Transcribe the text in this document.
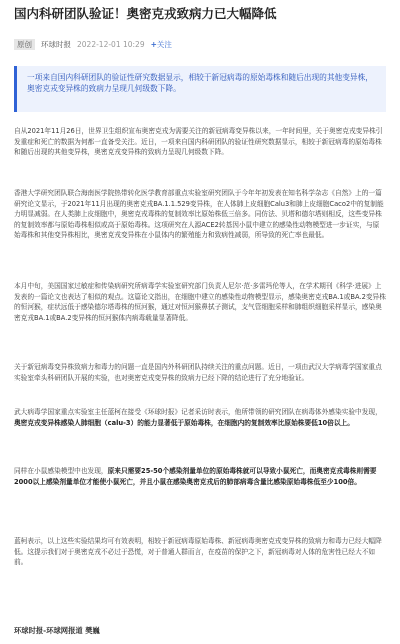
国内科研团队验证！奥密克戎致病力已大幅降低
原创	环球时报 2022-12-01 10:29 +关注
一项来自国内科研团队的验证性研究数据显示，相较于新冠病毒的原始毒株和随后出现的其他变异株，奥密克戎变异株的致病力呈现几何级数下降。

自从2021年11月26日，世界卫生组织宣布奥密克戎为需要关注的新冠病毒变异株以来，一年时间里，关于奥密克戎变异株引发重症和死亡的数据为何都一直备受关注。近日，一项来自国内科研团队的验证性研究数据显示，相较于新冠病毒的原始毒株和随后出现的其他变异株，奥密克戎变异株的致病力呈现几何级数下降。

香港大学研究团队联合海南医学院热带转化医学教育部重点实验室研究团队于今年年初发表在知名科学杂志《自然》上的一篇研究论文显示，于2021年11月出现的奥密克戎BA.1.1.529变异株，在人体肺上皮细胞Calu3和肺上皮细胞Caco2中的复制能力明显减弱。在人类肺上皮细胞中，奥密克戎毒株的复制效率比原始株低三倍多。同仿法、贝塔和德尔塔则相反，这些变异株的复制效率都与原始毒株相似或高于原始毒株。这项研究在人源ACE2转基因小鼠中建立的感染性动物模型进一步证实，与原始毒株和其他变异株相比，奥密克戎变异株在小鼠体内的繁殖能力和致病性减弱，所导致的死亡率也最低。

本月中旬，美国国家过敏症和传染病研究所病毒学实验室研究部门负责人尼尔·范·多雷玛伦等人，在学术期刊《科学·进展》上发表的一篇论文也表达了相似的观点。这篇论文指出，在细胞中建立的感染性动物模型显示，感染奥密克戎BA.1或BA.2变异株的恒河猴，症状远低于感染德尔塔毒株的恒河猴，通过对恒河猴鼻拭子测试，支气管细胞采样和肺组织细胞采样显示，感染奥密克戎BA.1或BA.2变异株的恒河猴体内病毒载量显著降低。

关于新冠病毒变异株致病力和毒力的问题一直是国内外科研团队持续关注的重点问题。近日，一项由武汉大学病毒学国家重点实验室牵头科研团队开展的实验，也对奥密克戎变异株的致病力已经下降的结论进行了充分地验证。

武大病毒学国家重点实验室主任蓝柯在接受《环球时报》记者采访时表示，他所带领的研究团队在病毒体外感染实验中发现，奥密克戎变异株感染人肺细胞（calu-3）的能力显著低于原始毒株，在细胞内的复制效率比原始株要低10倍以上。

同样在小鼠感染模型中也发现，原来只需要25-50个感染剂量单位的原始毒株就可以导致小鼠死亡，而奥密克戎毒株则需要2000以上感染剂量单位才能使小鼠死亡，并且小鼠在感染奥密克戎后的肺部病毒含量比感染原始毒株低至少100倍。

蓝柯表示，以上这些实验结果均可有效表明，相较于新冠病毒原始毒株、新冠病毒奥密克戎变异株的致病力和毒力已经大幅降低。这提示我们对于奥密克戎不必过于恐慌，对于普通人群而言，在疫苗的保护之下，新冠病毒对人体的危害性已经大不如前。

环球时报-环球网报道 樊巍
